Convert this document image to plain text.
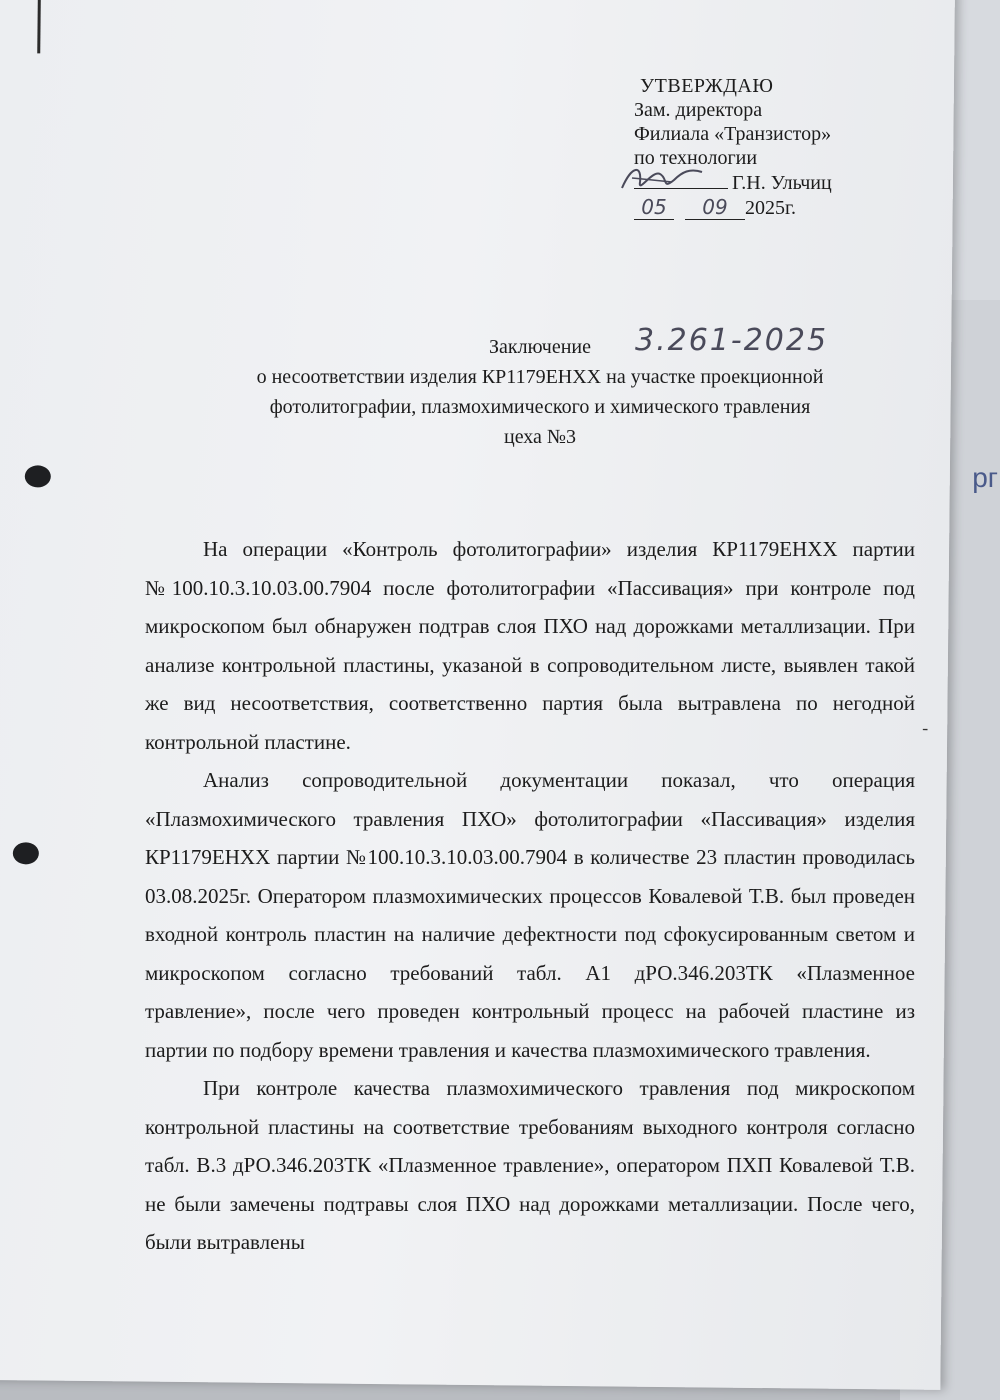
рг
-
УТВЕРЖДАЮ
Зам. директора
Филиала «Транзистор»
по технологии
Г.Н. Ульчиц
05 09 2025г.
Заключение 3.261-2025
о несоответствии изделия КР1179ЕНХХ на участке проекционной
фотолитографии, плазмохимического и химического травления
цеха №3

На операции «Контроль фотолитографии» изделия КР1179ЕНХХ партии №100.10.3.10.03.00.7904 после фотолитографии «Пассивация» при контроле под микроскопом был обнаружен подтрав слоя ПХО над дорожками металлизации. При анализе контрольной пластины, указаной в сопроводительном листе, выявлен такой же вид несоответствия, соответственно партия была вытравлена по негодной контрольной пластине.

Анализ сопроводительной документации показал, что операция «Плазмохимического травления ПХО» фотолитографии «Пассивация» изделия КР1179ЕНХХ партии №100.10.3.10.03.00.7904 в количестве 23 пластин проводилась 03.08.2025г. Оператором плазмохимических процессов Ковалевой Т.В. был проведен входной контроль пластин на наличие дефектности под сфокусированным светом и микроскопом согласно требований табл. А1 дРО.346.203ТК «Плазменное травление», после чего проведен контрольный процесс на рабочей пластине из партии по подбору времени травления и качества плазмохимического травления.

При контроле качества плазмохимического травления под микроскопом контрольной пластины на соответствие требованиям выходного контроля согласно табл. В.3 дРО.346.203ТК «Плазменное травление», оператором ПХП Ковалевой Т.В. не были замечены подтравы слоя ПХО над дорожками металлизации. После чего, были вытравлены
